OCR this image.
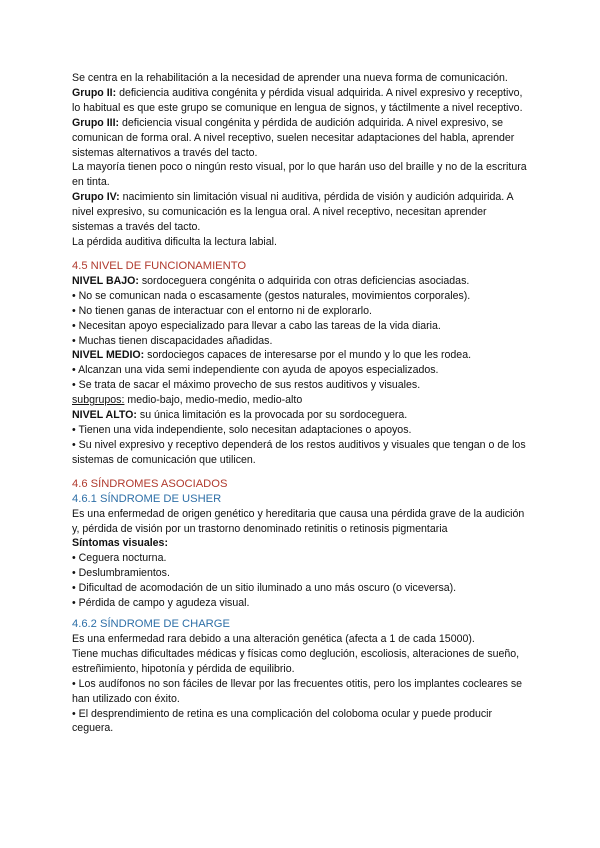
Se centra en la rehabilitación a la necesidad de aprender una nueva forma de comunicación.

Grupo II: deficiencia auditiva congénita y pérdida visual adquirida. A nivel expresivo y receptivo, lo habitual es que este grupo se comunique en lengua de signos, y táctilmente a nivel receptivo.

Grupo III: deficiencia visual congénita y pérdida de audición adquirida. A nivel expresivo, se comunican de forma oral. A nivel receptivo, suelen necesitar adaptaciones del habla, aprender sistemas alternativos a través del tacto.

La mayoría tienen poco o ningún resto visual, por lo que harán uso del braille y no de la escritura en tinta.

Grupo IV: nacimiento sin limitación visual ni auditiva, pérdida de visión y audición adquirida. A nivel expresivo, su comunicación es la lengua oral. A nivel receptivo, necesitan aprender sistemas a través del tacto.

La pérdida auditiva dificulta la lectura labial.

4.5 NIVEL DE FUNCIONAMIENTO

NIVEL BAJO: sordoceguera congénita o adquirida con otras deficiencias asociadas.

• No se comunican nada o escasamente (gestos naturales, movimientos corporales).

• No tienen ganas de interactuar con el entorno ni de explorarlo.

• Necesitan apoyo especializado para llevar a cabo las tareas de la vida diaria.

• Muchas tienen discapacidades añadidas.

NIVEL MEDIO: sordociegos capaces de interesarse por el mundo y lo que les rodea.

• Alcanzan una vida semi independiente con ayuda de apoyos especializados.

• Se trata de sacar el máximo provecho de sus restos auditivos y visuales.

subgrupos: medio-bajo, medio-medio, medio-alto

NIVEL ALTO: su única limitación es la provocada por su sordoceguera.

• Tienen una vida independiente, solo necesitan adaptaciones o apoyos.

• Su nivel expresivo y receptivo dependerá de los restos auditivos y visuales que tengan o de los sistemas de comunicación que utilicen.

4.6 SÍNDROMES ASOCIADOS

4.6.1 SÍNDROME DE USHER

Es una enfermedad de origen genético y hereditaria que causa una pérdida grave de la audición y, pérdida de visión por un trastorno denominado retinitis o retinosis pigmentaria

Síntomas visuales:

• Ceguera nocturna.

• Deslumbramientos.

• Dificultad de acomodación de un sitio iluminado a uno más oscuro (o viceversa).

• Pérdida de campo y agudeza visual.

4.6.2 SÍNDROME DE CHARGE

Es una enfermedad rara debido a una alteración genética (afecta a 1 de cada 15000).

Tiene muchas dificultades médicas y físicas como deglución, escoliosis, alteraciones de sueño, estreñimiento, hipotonía y pérdida de equilibrio.

• Los audífonos no son fáciles de llevar por las frecuentes otitis, pero los implantes cocleares se han utilizado con éxito.

• El desprendimiento de retina es una complicación del coloboma ocular y puede producir ceguera.
